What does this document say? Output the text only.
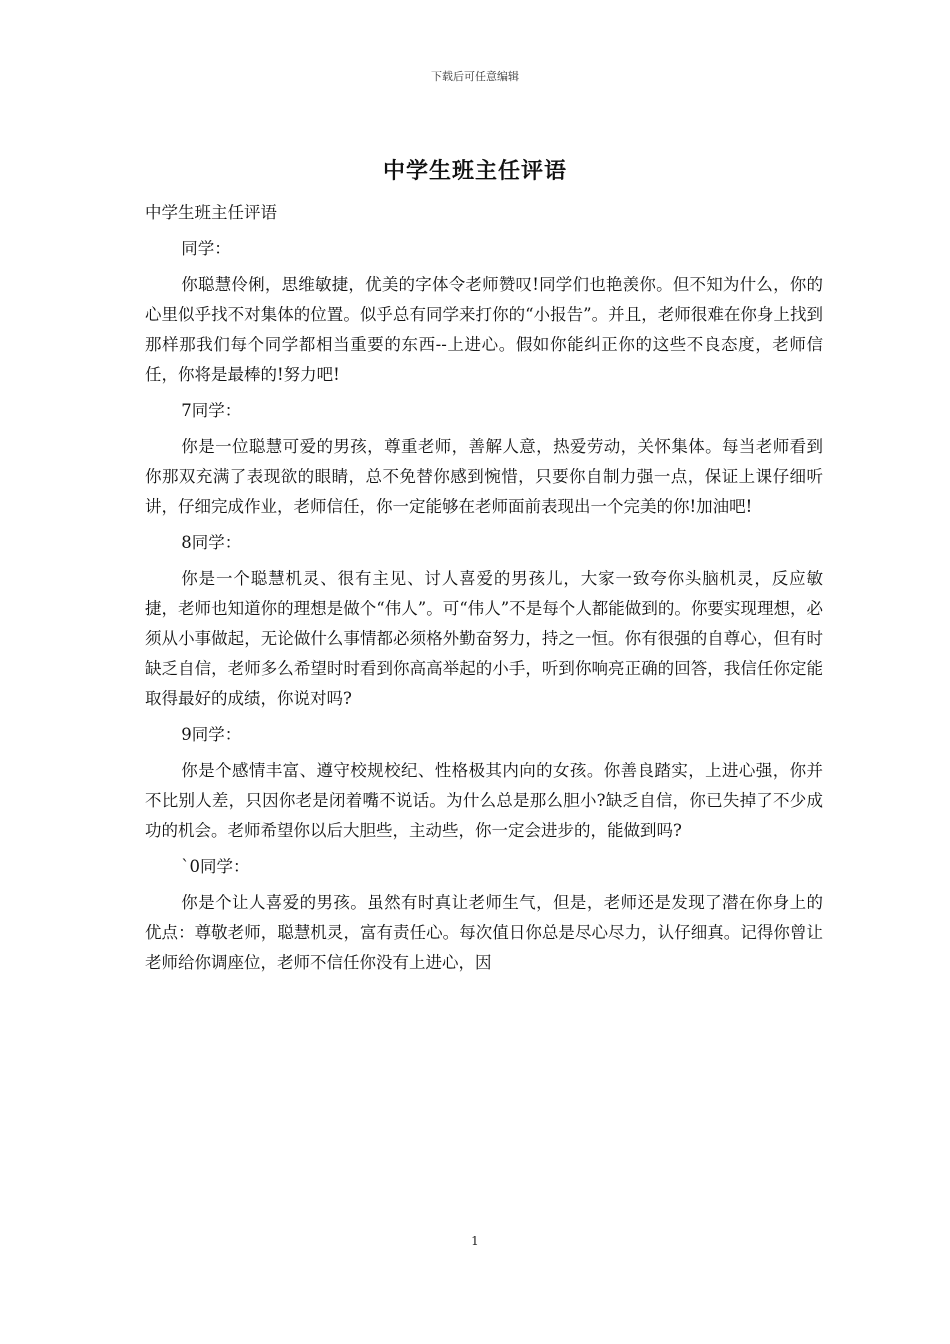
下载后可任意编辑
中学生班主任评语

中学生班主任评语

同学：

你聪慧伶俐，思维敏捷，优美的字体令老师赞叹!同学们也艳羡你。但不知为什么，你的心里似乎找不对集体的位置。似乎总有同学来打你的“小报告”。并且，老师很难在你身上找到那样那我们每个同学都相当重要的东西--上进心。假如你能纠正你的这些不良态度，老师信任，你将是最棒的!努力吧!

7同学：

你是一位聪慧可爱的男孩，尊重老师，善解人意，热爱劳动，关怀集体。每当老师看到你那双充满了表现欲的眼睛，总不免替你感到惋惜，只要你自制力强一点，保证上课仔细听讲，仔细完成作业，老师信任，你一定能够在老师面前表现出一个完美的你!加油吧!

8同学：

你是一个聪慧机灵、很有主见、讨人喜爱的男孩儿，大家一致夸你头脑机灵，反应敏捷，老师也知道你的理想是做个“伟人”。可“伟人”不是每个人都能做到的。你要实现理想，必须从小事做起，无论做什么事情都必须格外勤奋努力，持之一恒。你有很强的自尊心，但有时缺乏自信，老师多么希望时时看到你高高举起的小手，听到你响亮正确的回答，我信任你定能取得最好的成绩，你说对吗?

9同学：

你是个感情丰富、遵守校规校纪、性格极其内向的女孩。你善良踏实，上进心强，你并不比别人差，只因你老是闭着嘴不说话。为什么总是那么胆小?缺乏自信，你已失掉了不少成功的机会。老师希望你以后大胆些，主动些，你一定会进步的，能做到吗?

`0同学：

你是个让人喜爱的男孩。虽然有时真让老师生气，但是，老师还是发现了潜在你身上的优点：尊敬老师，聪慧机灵，富有责任心。每次值日你总是尽心尽力，认仔细真。记得你曾让老师给你调座位，老师不信任你没有上进心，因

1
